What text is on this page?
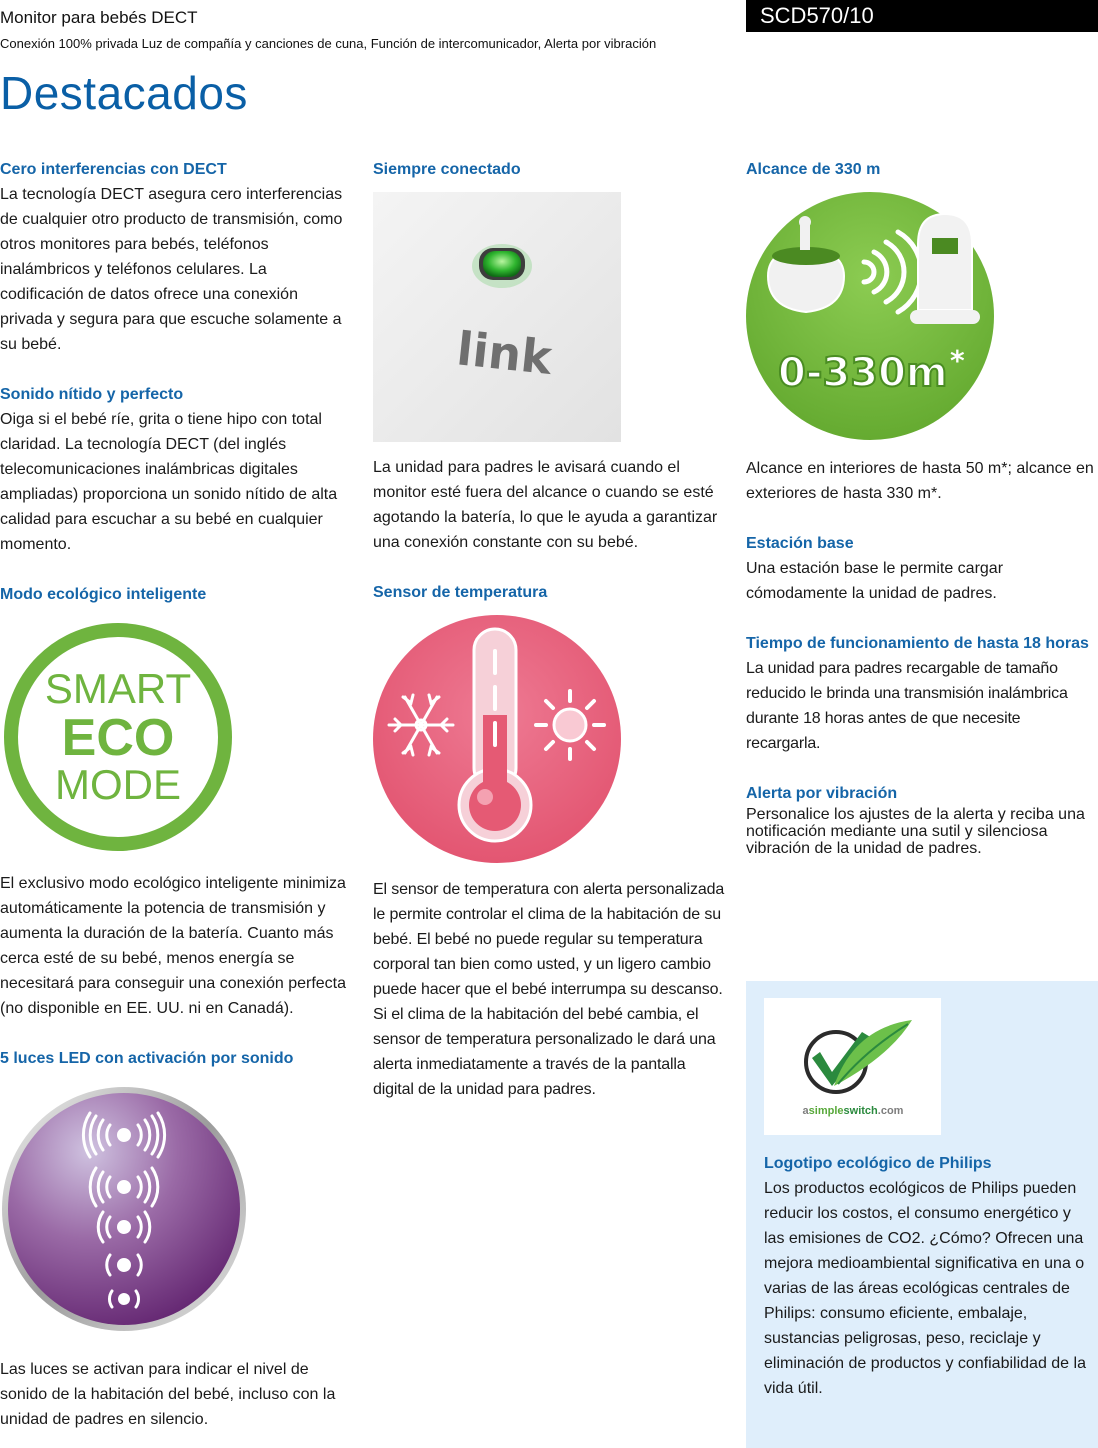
Monitor para bebés DECT
Conexión 100% privada Luz de compañía y canciones de cuna, Función de intercomunicador, Alerta por vibración
SCD570/10
Destacados
Cero interferencias con DECT
La tecnología DECT asegura cero interferencias de cualquier otro producto de transmisión, como otros monitores para bebés, teléfonos inalámbricos y teléfonos celulares. La codificación de datos ofrece una conexión privada y segura para que escuche solamente a su bebé.
Sonido nítido y perfecto
Oiga si el bebé ríe, grita o tiene hipo con total claridad. La tecnología DECT (del inglés telecomunicaciones inalámbricas digitales ampliadas) proporciona un sonido nítido de alta calidad para escuchar a su bebé en cualquier momento.
Modo ecológico inteligente
SMART
ECO
MODE
El exclusivo modo ecológico inteligente minimiza automáticamente la potencia de transmisión y aumenta la duración de la batería. Cuanto más cerca esté de su bebé, menos energía se necesitará para conseguir una conexión perfecta (no disponible en EE. UU. ni en Canadá).
5 luces LED con activación por sonido
Las luces se activan para indicar el nivel de sonido de la habitación del bebé, incluso con la unidad de padres en silencio.
Siempre conectado
link
La unidad para padres le avisará cuando el monitor esté fuera del alcance o cuando se esté agotando la batería, lo que le ayuda a garantizar una conexión constante con su bebé.
Sensor de temperatura
El sensor de temperatura con alerta personalizada le permite controlar el clima de la habitación de su bebé. El bebé no puede regular su temperatura corporal tan bien como usted, y un ligero cambio puede hacer que el bebé interrumpa su descanso. Si el clima de la habitación del bebé cambia, el sensor de temperatura personalizado le dará una alerta inmediatamente a través de la pantalla digital de la unidad para padres.
Alcance de 330 m
0-330m *
Alcance en interiores de hasta 50 m*; alcance en exteriores de hasta 330 m*.
Estación base
Una estación base le permite cargar cómodamente la unidad de padres.
Tiempo de funcionamiento de hasta 18 horas
La unidad para padres recargable de tamaño reducido le brinda una transmisión inalámbrica durante 18 horas antes de que necesite recargarla.
Alerta por vibración
Personalice los ajustes de la alerta y reciba una notificación mediante una sutil y silenciosa vibración de la unidad de padres.
asimpleswitch.com
Logotipo ecológico de Philips
Los productos ecológicos de Philips pueden reducir los costos, el consumo energético y las emisiones de CO2. ¿Cómo? Ofrecen una mejora medioambiental significativa en una o varias de las áreas ecológicas centrales de Philips: consumo eficiente, embalaje, sustancias peligrosas, peso, reciclaje y eliminación de productos y confiabilidad de la vida útil.
